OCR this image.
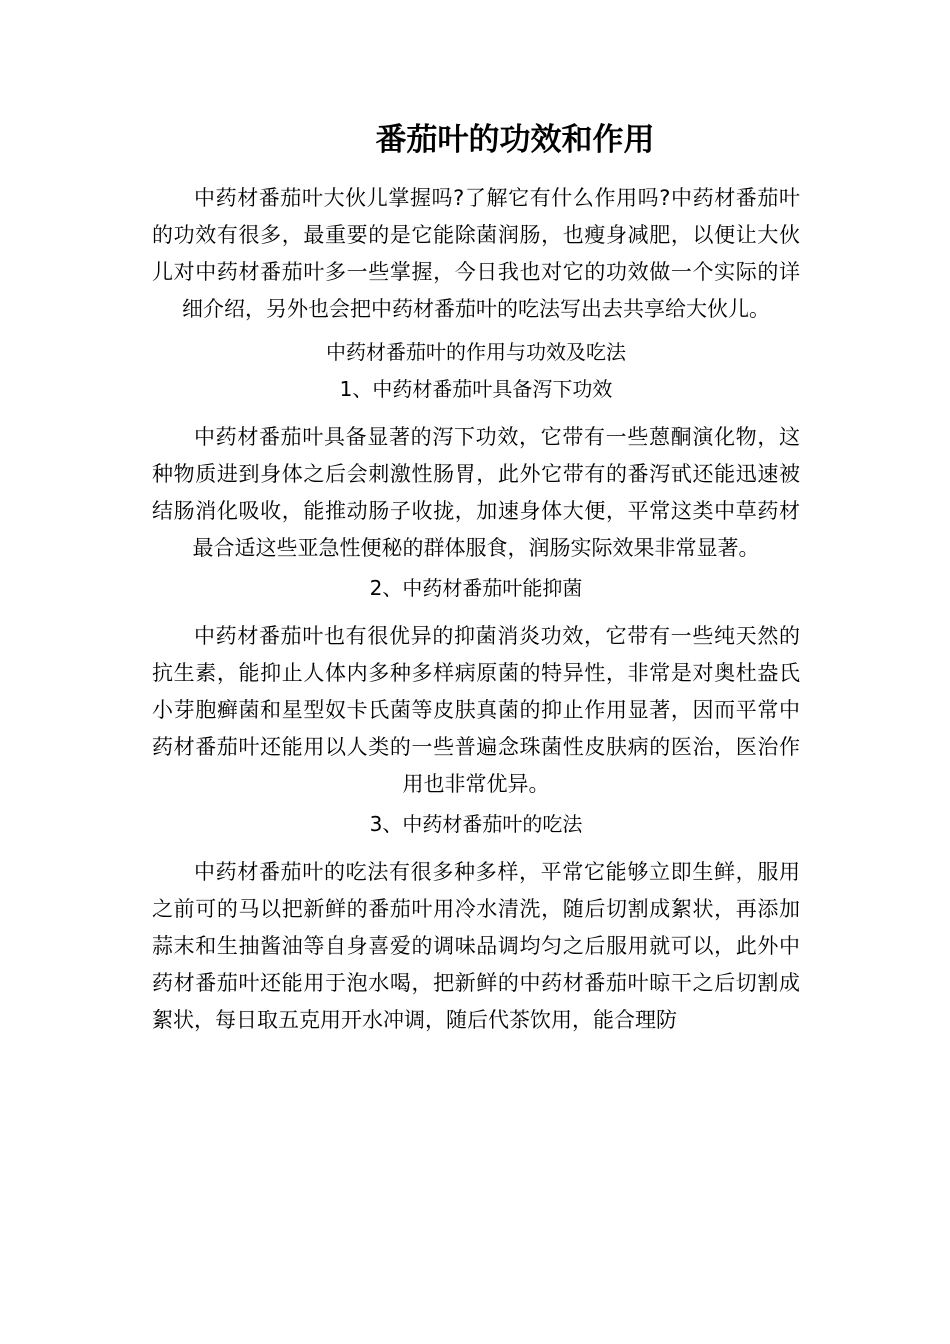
番茄叶的功效和作用

中药材番茄叶大伙儿掌握吗?了解它有什么作用吗?中药材番茄叶的功效有很多，最重要的是它能除菌润肠，也瘦身减肥，以便让大伙儿对中药材番茄叶多一些掌握，今日我也对它的功效做一个实际的详细介绍，另外也会把中药材番茄叶的吃法写出去共享给大伙儿。

中药材番茄叶的作用与功效及吃法
1、中药材番茄叶具备泻下功效

中药材番茄叶具备显著的泻下功效，它带有一些蒽酮演化物，这种物质进到身体之后会刺激性肠胃，此外它带有的番泻甙还能迅速被结肠消化吸收，能推动肠子收拢，加速身体大便，平常这类中草药材最合适这些亚急性便秘的群体服食，润肠实际效果非常显著。

2、中药材番茄叶能抑菌

中药材番茄叶也有很优异的抑菌消炎功效，它带有一些纯天然的抗生素，能抑止人体内多种多样病原菌的特异性，非常是对奥杜盎氏小芽胞癣菌和星型奴卡氏菌等皮肤真菌的抑止作用显著，因而平常中药材番茄叶还能用以人类的一些普遍念珠菌性皮肤病的医治，医治作用也非常优异。

3、中药材番茄叶的吃法

中药材番茄叶的吃法有很多种多样，平常它能够立即生鲜，服用之前可的马以把新鲜的番茄叶用冷水清洗，随后切割成絮状，再添加蒜末和生抽酱油等自身喜爱的调味品调均匀之后服用就可以，此外中药材番茄叶还能用于泡水喝，把新鲜的中药材番茄叶晾干之后切割成絮状，每日取五克用开水冲调，随后代茶饮用，能合理防
